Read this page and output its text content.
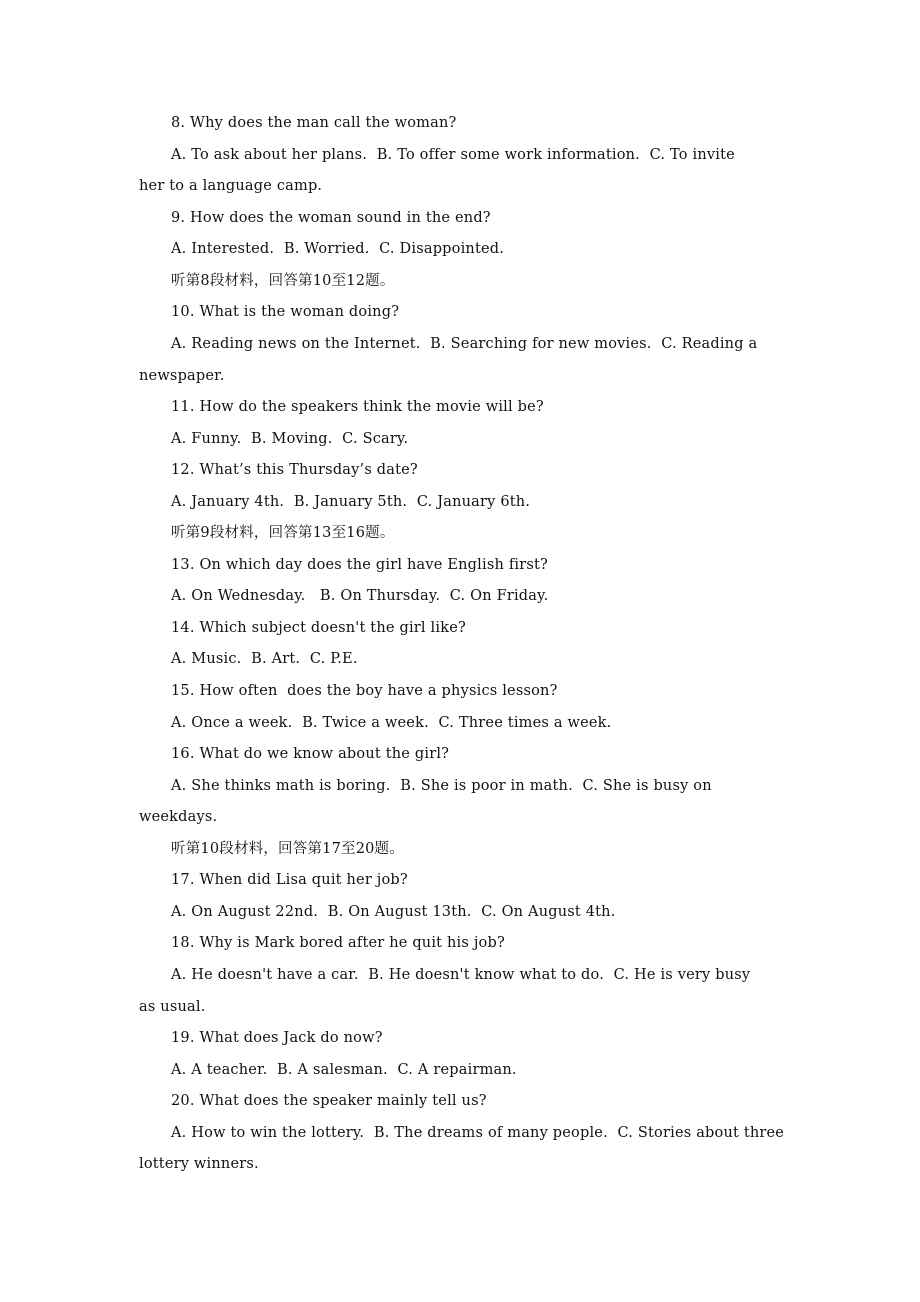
8. Why does the man call the woman?
A. To ask about her plans.  B. To offer some work information.  C. To invite
her to a language camp.
9. How does the woman sound in the end?
A. Interested.  B. Worried.  C. Disappointed.
听第8段材料，回答第10至12题。
10. What is the woman doing?
A. Reading news on the Internet.  B. Searching for new movies.  C. Reading a
newspaper.
11. How do the speakers think the movie will be?
A. Funny.  B. Moving.  C. Scary.
12. What’s this Thursday’s date?
A. January 4th.  B. January 5th.  C. January 6th.
听第9段材料，回答第13至16题。
13. On which day does the girl have English first?
A. On Wednesday.   B. On Thursday.  C. On Friday.
14. Which subject doesn't the girl like?
A. Music.  B. Art.  C. P.E.
15. How often  does the boy have a physics lesson?
A. Once a week.  B. Twice a week.  C. Three times a week.
16. What do we know about the girl?
A. She thinks math is boring.  B. She is poor in math.  C. She is busy on
weekdays.
听第10段材料，回答第17至20题。
17. When did Lisa quit her job?
A. On August 22nd.  B. On August 13th.  C. On August 4th.
18. Why is Mark bored after he quit his job?
A. He doesn't have a car.  B. He doesn't know what to do.  C. He is very busy
as usual.
19. What does Jack do now?
A. A teacher.  B. A salesman.  C. A repairman.
20. What does the speaker mainly tell us?
A. How to win the lottery.  B. The dreams of many people.  C. Stories about three
lottery winners.
